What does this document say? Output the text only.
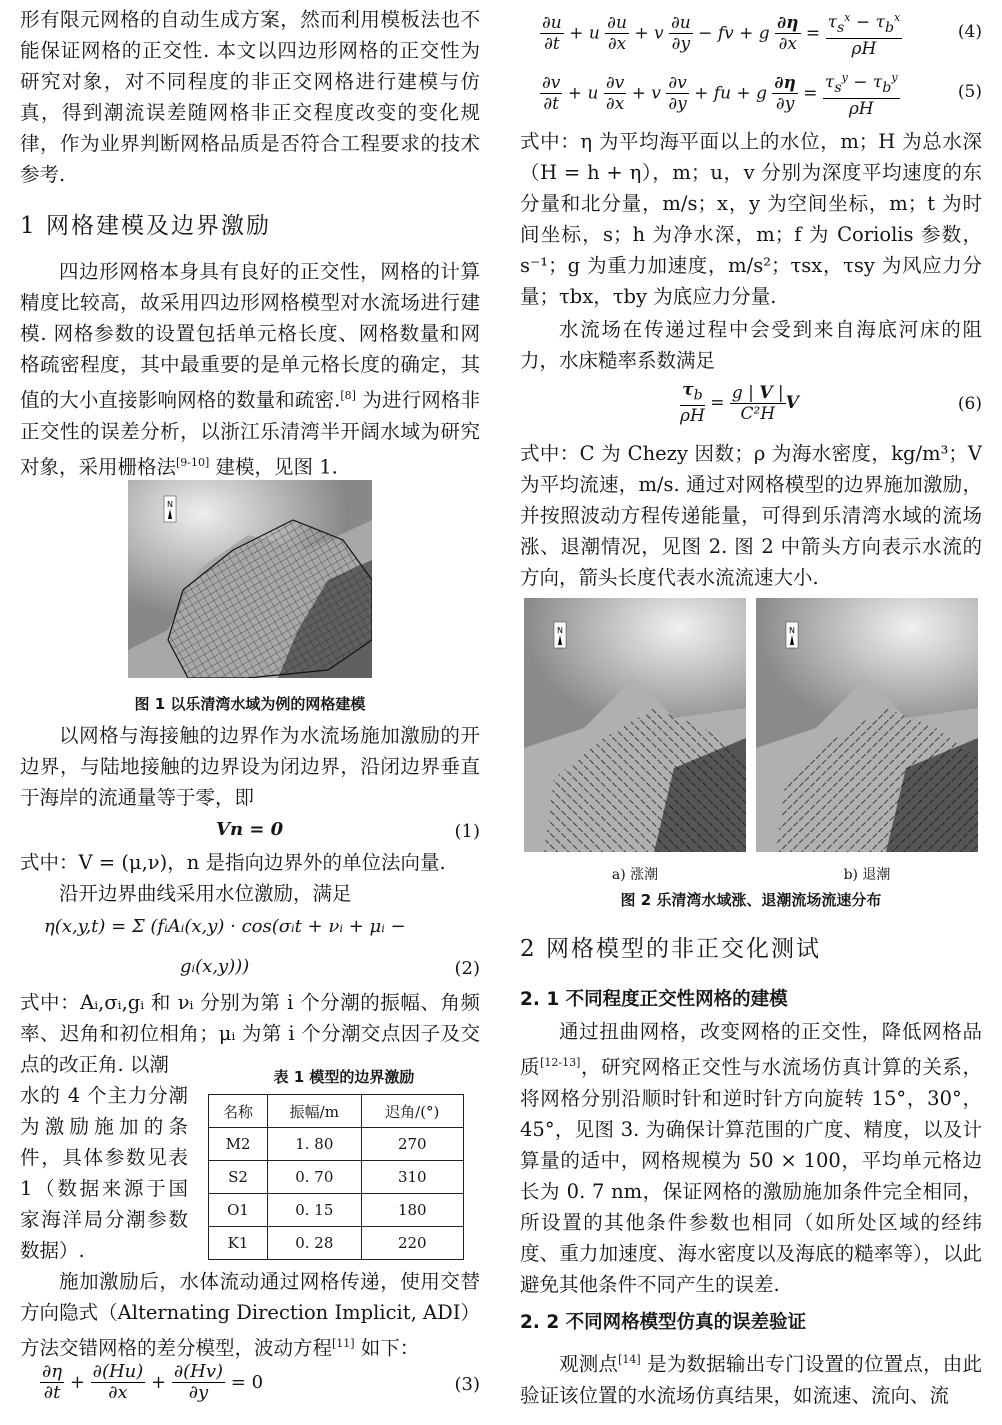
形有限元网格的自动生成方案，然而利用模板法也不能保证网格的正交性. 本文以四边形网格的正交性为研究对象，对不同程度的非正交网格进行建模与仿真，得到潮流误差随网格非正交程度改变的变化规律，作为业界判断网格品质是否符合工程要求的技术参考.

1 网格建模及边界激励

四边形网格本身具有良好的正交性，网格的计算精度比较高，故采用四边形网格模型对水流场进行建模. 网格参数的设置包括单元格长度、网格数量和网格疏密程度，其中最重要的是单元格长度的确定，其值的大小直接影响网格的数量和疏密.[8] 为进行网格非正交性的误差分析，以浙江乐清湾半开阔水域为研究对象，采用栅格法[9-10] 建模，见图 1.

N
图 1 以乐清湾水域为例的网格建模

以网格与海接触的边界作为水流场施加激励的开边界，与陆地接触的边界设为闭边界，沿闭边界垂直于海岸的流通量等于零，即

Vn = 0	(1)

式中：V = (μ,ν)，n 是指向边界外的单位法向量.

沿开边界曲线采用水位激励，满足

η(x,y,t) = Σ (fᵢAᵢ(x,y) · cos(σᵢt + νᵢ + μᵢ −
gᵢ(x,y)))	(2)

式中：Aᵢ,σᵢ,gᵢ 和 νᵢ 分别为第 i 个分潮的振幅、角频率、迟角和初位相角；μᵢ 为第 i 个分潮交点因子及交点的改正角. 以潮

水的 4 个主力分潮为激励施加的条件，具体参数见表 1（数据来源于国家海洋局分潮参数数据）.

表 1 模型的边界激励
名称	振幅/m	迟角/(°)
M2	1. 80	270
S2	0. 70	310
O1	0. 15	180
K1	0. 28	220

施加激励后，水体流动通过网格传递，使用交替方向隐式（Alternating Direction Implicit, ADI）方法交错网格的差分模型，波动方程[11] 如下：

$\frac{\partial\eta}{\partial t} + \frac{\partial(Hu)}{\partial x} + \frac{\partial(Hv)}{\partial y} = 0$	(3)
$\frac{\partial u}{\partial t} + u \frac{\partial u}{\partial x} + v \frac{\partial u}{\partial y}$ − fv + g $\frac{\partial\eta}{\partial x} = \frac{\tau_s^x - \tau_b^x}{\rho H}$	(4)
$\frac{\partial v}{\partial t} + u \frac{\partial v}{\partial x} + v \frac{\partial v}{\partial y}$ + fu + g $\frac{\partial\eta}{\partial y} = \frac{\tau_s^y - \tau_b^y}{\rho H}$	(5)

式中：η 为平均海平面以上的水位，m；H 为总水深（H = h + η），m；u，v 分别为深度平均速度的东分量和北分量，m/s；x，y 为空间坐标，m；t 为时间坐标，s；h 为净水深，m；f 为 Coriolis 参数，s⁻¹；g 为重力加速度，m/s²；τsx，τsy 为风应力分量；τbx，τby 为底应力分量.

水流场在传递过程中会受到来自海底河床的阻力，水床糙率系数满足

$\frac{\tau_b}{\rho H} = \frac{g | V |}{\text{C²H}}$ V	(6)

式中：C 为 Chezy 因数；ρ 为海水密度，kg/m³；V 为平均流速，m/s. 通过对网格模型的边界施加激励，并按照波动方程传递能量，可得到乐清湾水域的流场涨、退潮情况，见图 2. 图 2 中箭头方向表示水流的方向，箭头长度代表水流流速大小.

N	N
a) 涨潮	b) 退潮
图 2 乐清湾水域涨、退潮流场流速分布
2 网格模型的非正交化测试
2. 1 不同程度正交性网格的建模

通过扭曲网格，改变网格的正交性，降低网格品质[12-13]，研究网格正交性与水流场仿真计算的关系，将网格分别沿顺时针和逆时针方向旋转 15°，30°，45°，见图 3. 为确保计算范围的广度、精度，以及计算量的适中，网格规模为 50 × 100，平均单元格边长为 0. 7 nm，保证网格的激励施加条件完全相同，所设置的其他条件参数也相同（如所处区域的经纬度、重力加速度、海水密度以及海底的糙率等），以此避免其他条件不同产生的误差.

2. 2 不同网格模型仿真的误差验证

观测点[14] 是为数据输出专门设置的位置点，由此验证该位置的水流场仿真结果，如流速、流向、流
